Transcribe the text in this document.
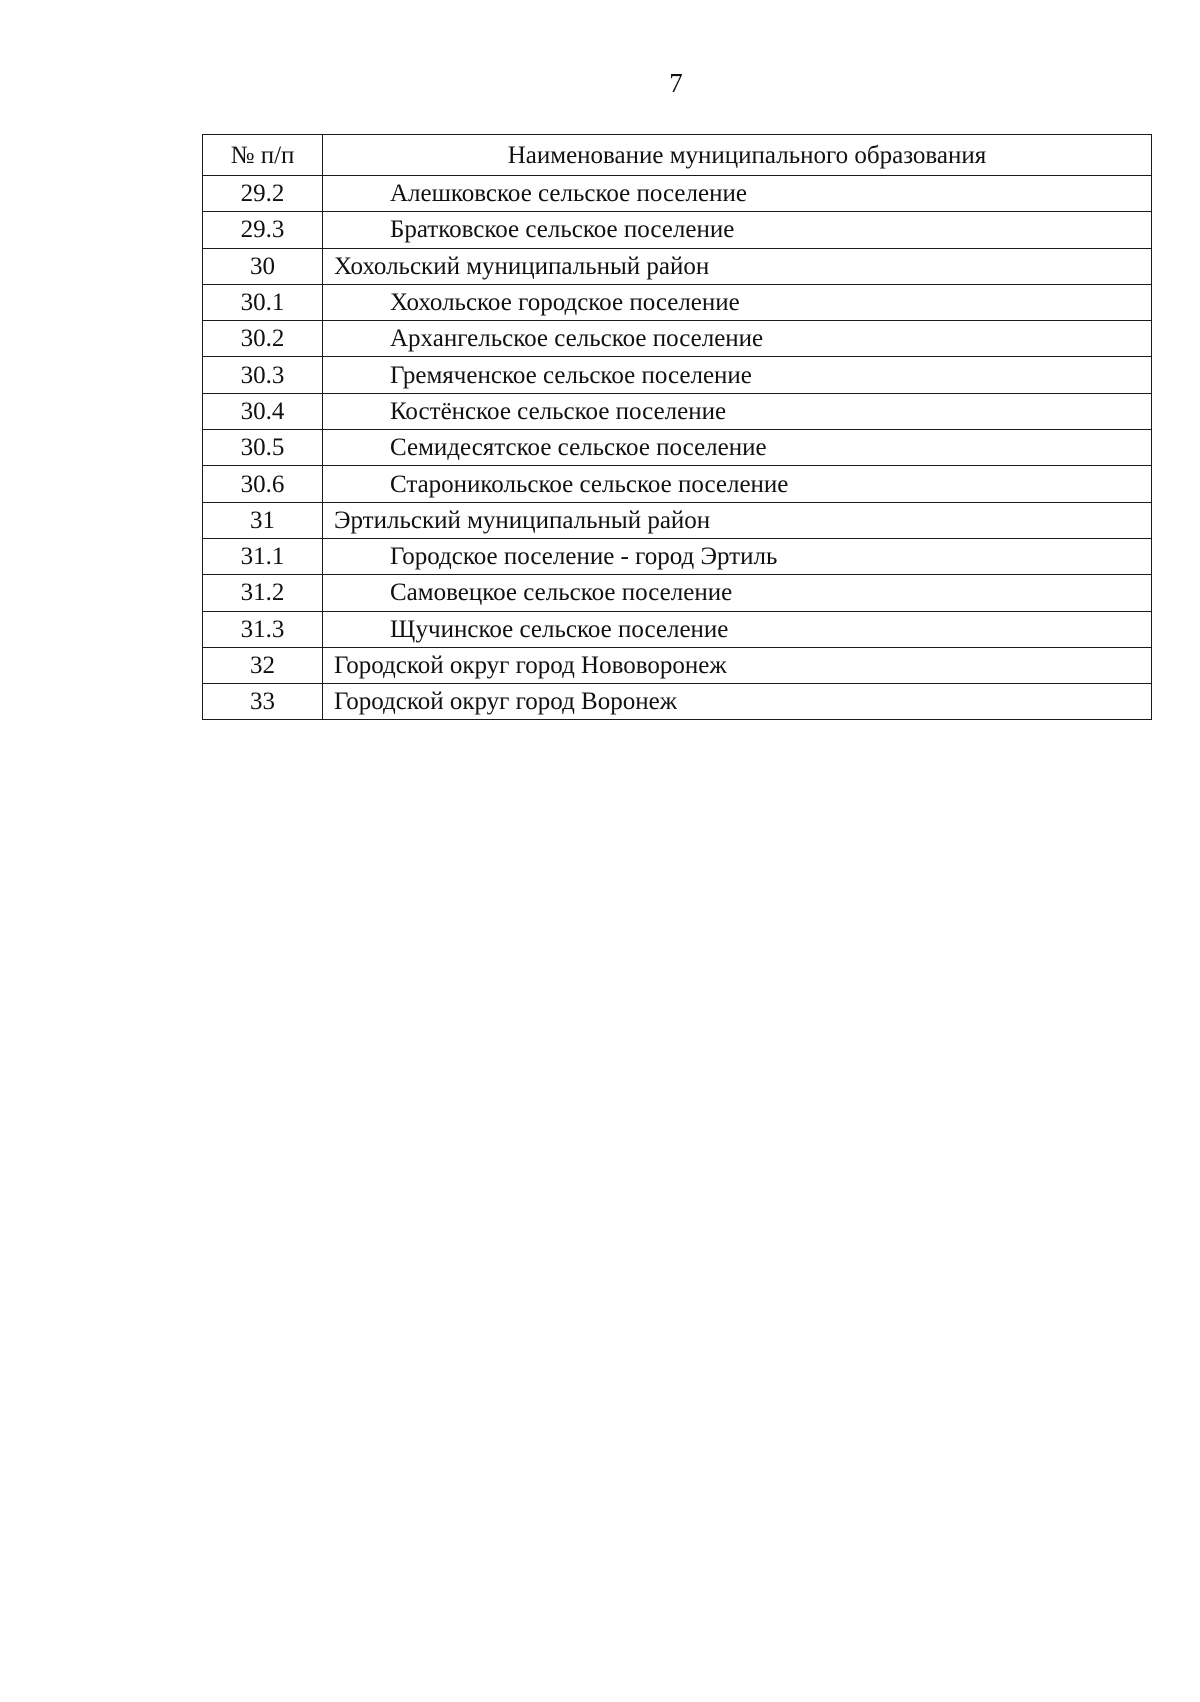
7
№ п/п	Наименование муниципального образования
29.2	Алешковское сельское поселение
29.3	Братковское сельское поселение
30	Хохольский муниципальный район
30.1	Хохольское городское поселение
30.2	Архангельское сельское поселение
30.3	Гремяченское сельское поселение
30.4	Костёнское сельское поселение
30.5	Семидесятское сельское поселение
30.6	Староникольское сельское поселение
31	Эртильский муниципальный район
31.1	Городское поселение - город Эртиль
31.2	Самовецкое сельское поселение
31.3	Щучинское сельское поселение
32	Городской округ город Нововоронеж
33	Городской округ город Воронеж
